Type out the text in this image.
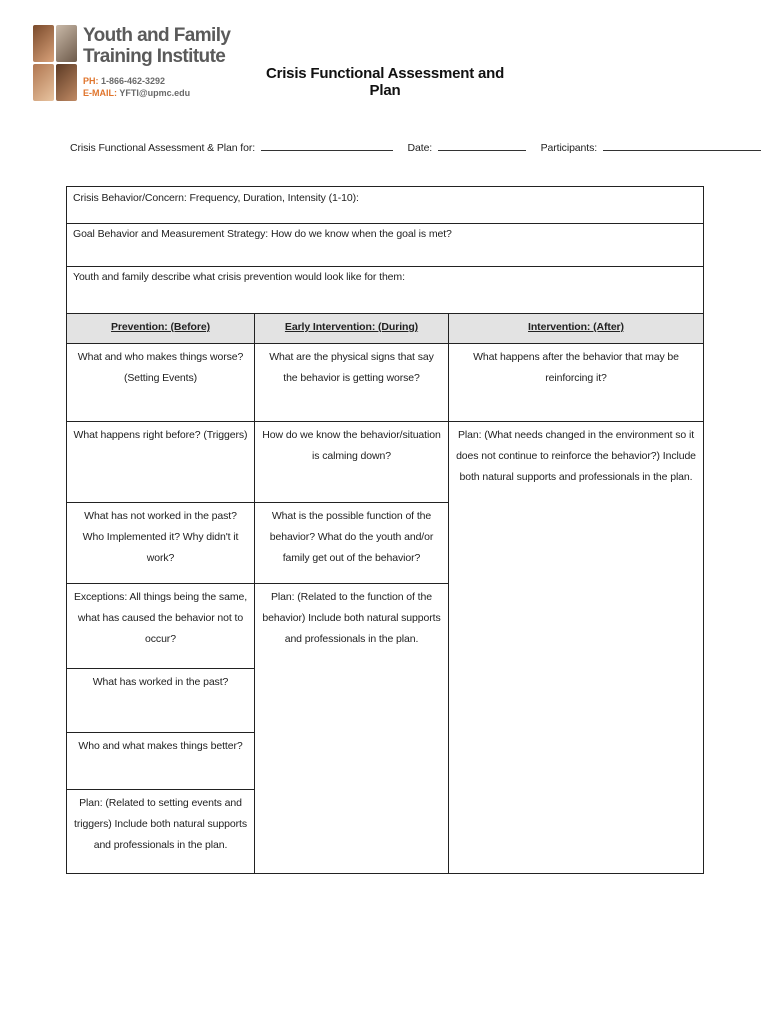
Youth and Family
Training Institute
PH: 1-866-462-3292
E-MAIL: YFTI@upmc.edu
Crisis Functional Assessment and Plan
Crisis Functional Assessment & Plan for:	Date:	Participants:
Crisis Behavior/Concern: Frequency, Duration, Intensity (1-10):
Goal Behavior and Measurement Strategy: How do we know when the goal is met?
Youth and family describe what crisis prevention would look like for them:
Prevention: (Before)
What and who makes things worse? (Setting Events)
What happens right before? (Triggers)
What has not worked in the past? Who Implemented it? Why didn't it work?
Exceptions: All things being the same, what has caused the behavior not to occur?
What has worked in the past?
Who and what makes things better?
Plan: (Related to setting events and triggers) Include both natural supports and professionals in the plan.
Early Intervention: (During)
What are the physical signs that say the behavior is getting worse?
How do we know the behavior/situation is calming down?
What is the possible function of the behavior? What do the youth and/or family get out of the behavior?
Plan: (Related to the function of the behavior) Include both natural supports and professionals in the plan.
Intervention: (After)
What happens after the behavior that may be reinforcing it?
Plan: (What needs changed in the environment so it does not continue to reinforce the behavior?) Include both natural supports and professionals in the plan.
